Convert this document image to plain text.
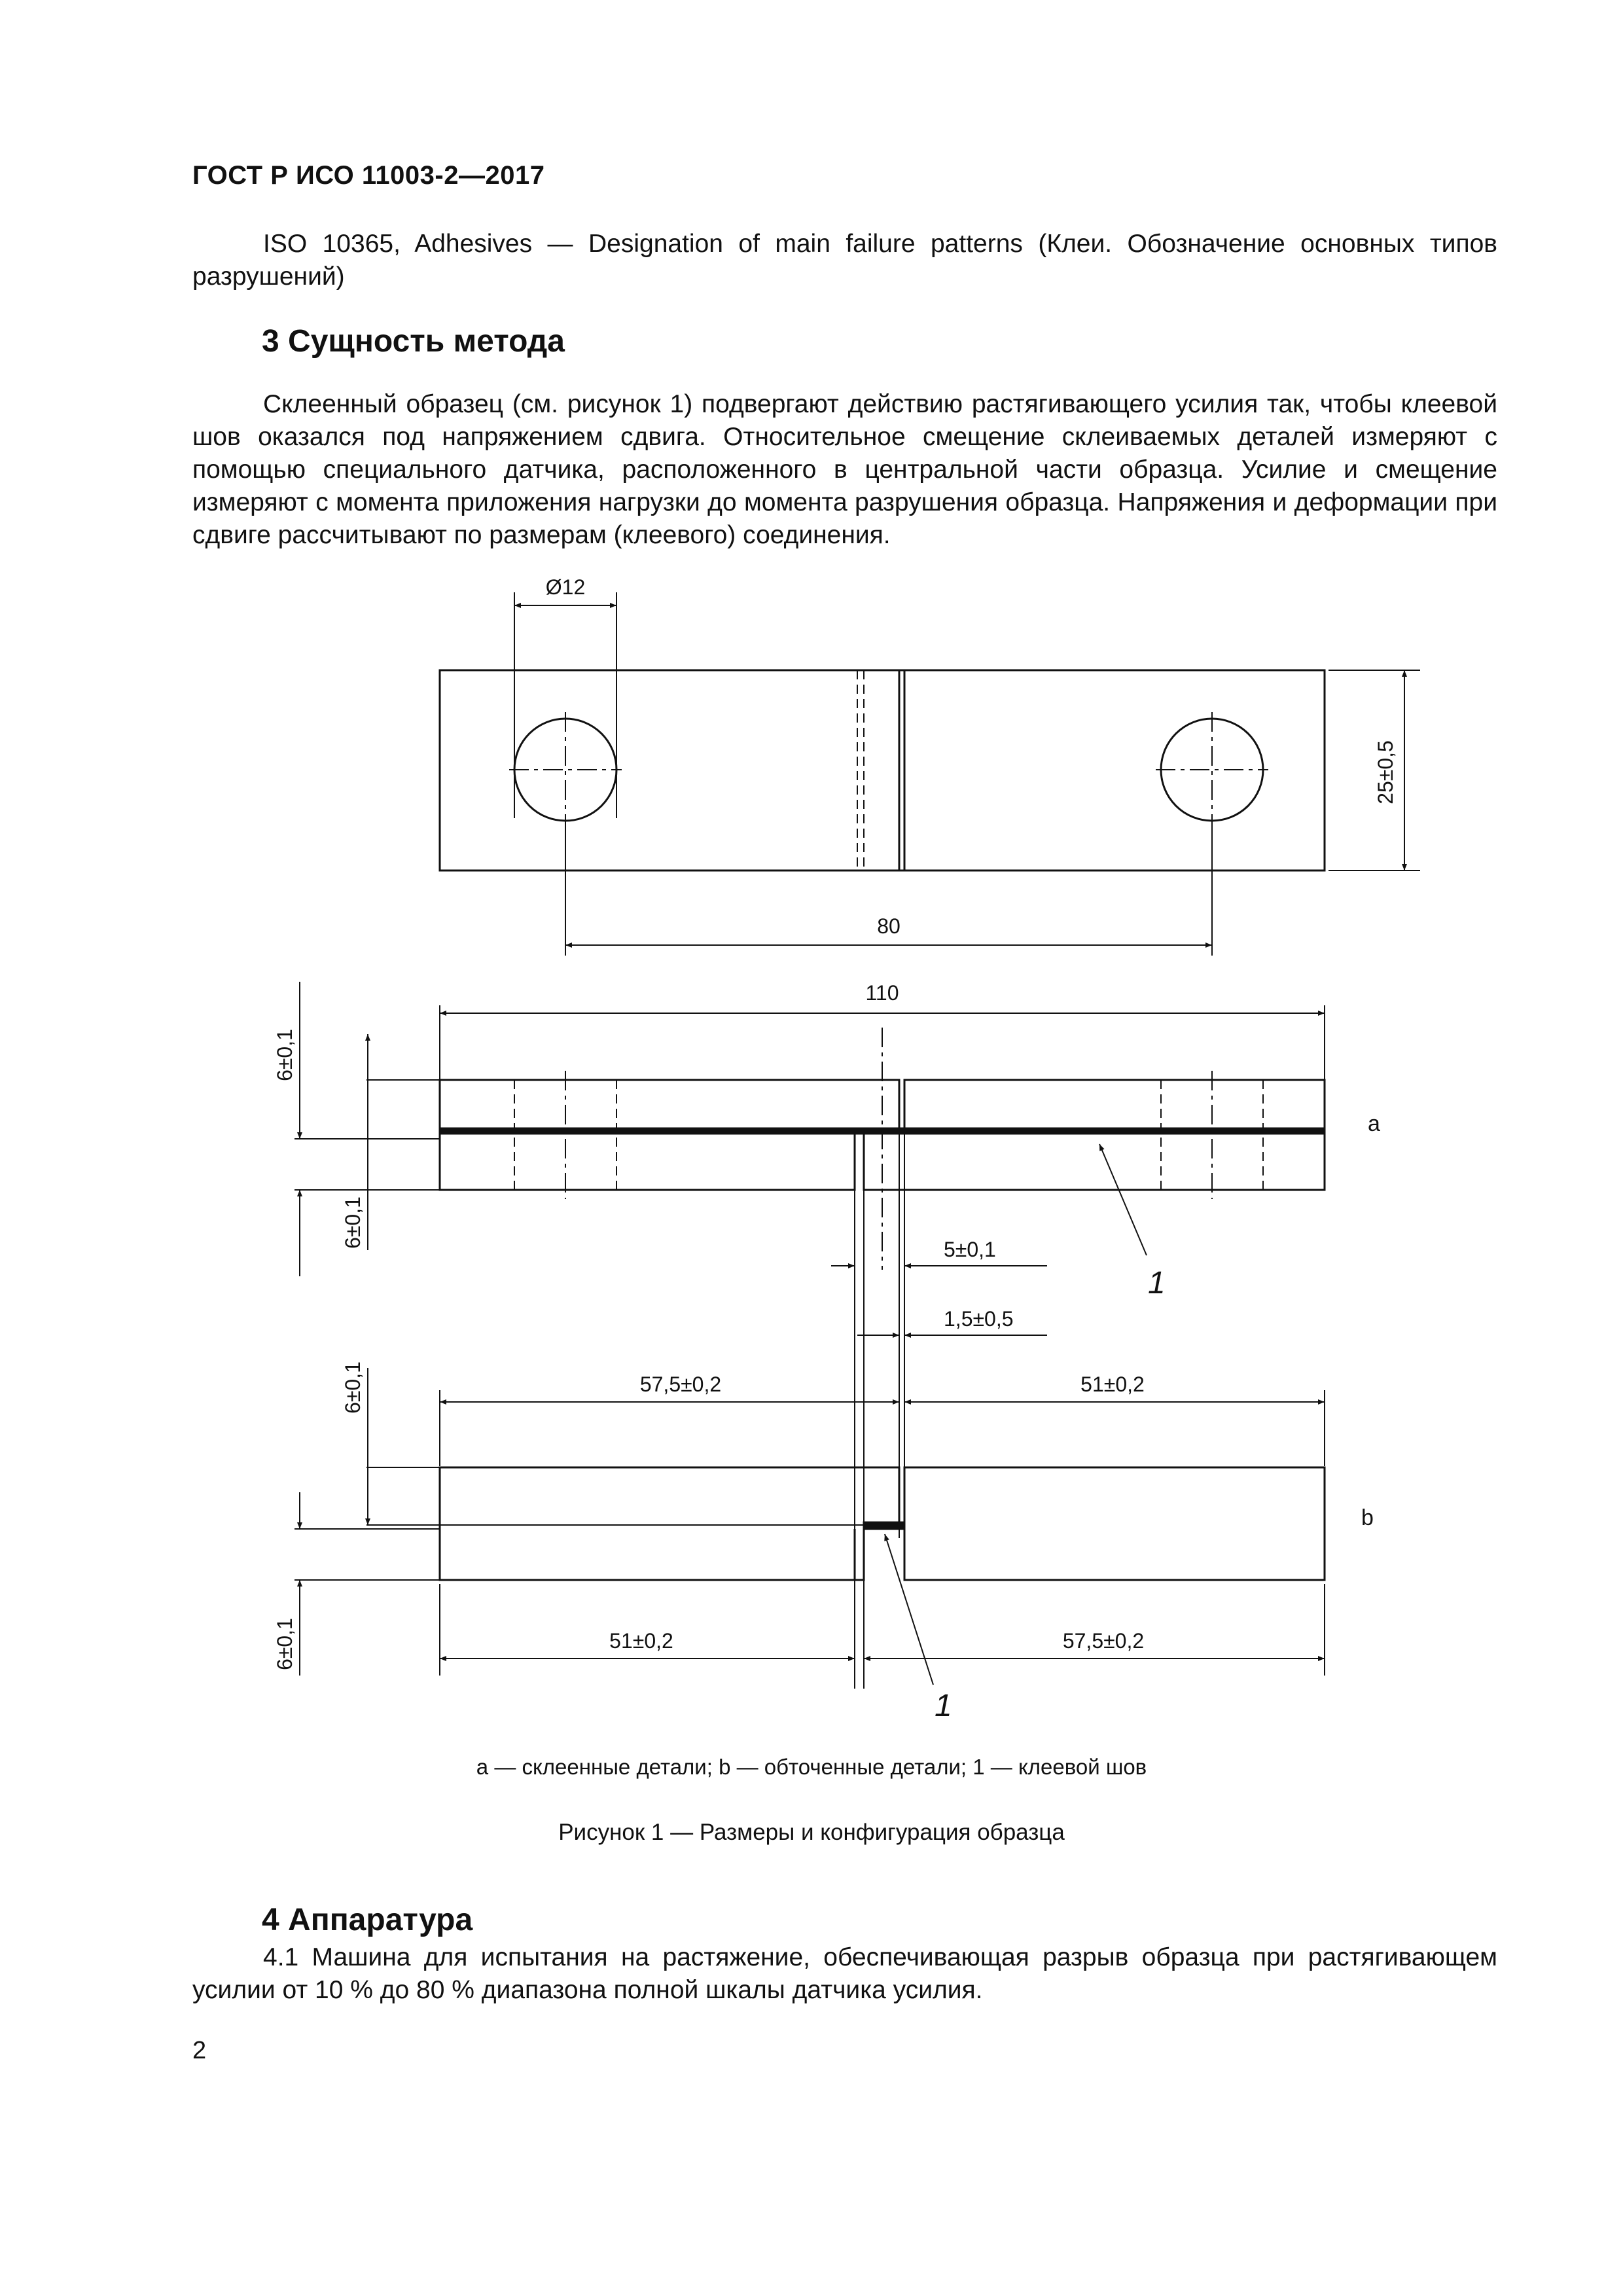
ГОСТ Р ИСО 11003-2—2017

ISO 10365, Adhesives — Designation of main failure patterns (Клеи. Обозначение основных типов разрушений)

3 Сущность метода

Склеенный образец (см. рисунок 1) подвергают действию растягивающего усилия так, чтобы клеевой шов оказался под напряжением сдвига. Относительное смещение склеиваемых деталей измеряют с помощью специального датчика, расположенного в центральной части образца. Усилие и смещение измеряют с момента приложения нагрузки до момента разрушения образца. Напряжения и деформации при сдвиге рассчитывают по размерам (клеевого) соединения.

Ø12
25±0,5
80
110
6±0,1
6±0,1
a
5±0,1
1,5±0,5
1
57,5±0,2	51±0,2
6±0,1
6±0,1
b
51±0,2	57,5±0,2
1
a — склеенные детали; b — обточенные детали; 1 — клеевой шов
Рисунок 1 — Размеры и конфигурация образца
4 Аппаратура

4.1 Машина для испытания на растяжение, обеспечивающая разрыв образца при растягивающем усилии от 10 % до 80 % диапазона полной шкалы датчика усилия.

2
